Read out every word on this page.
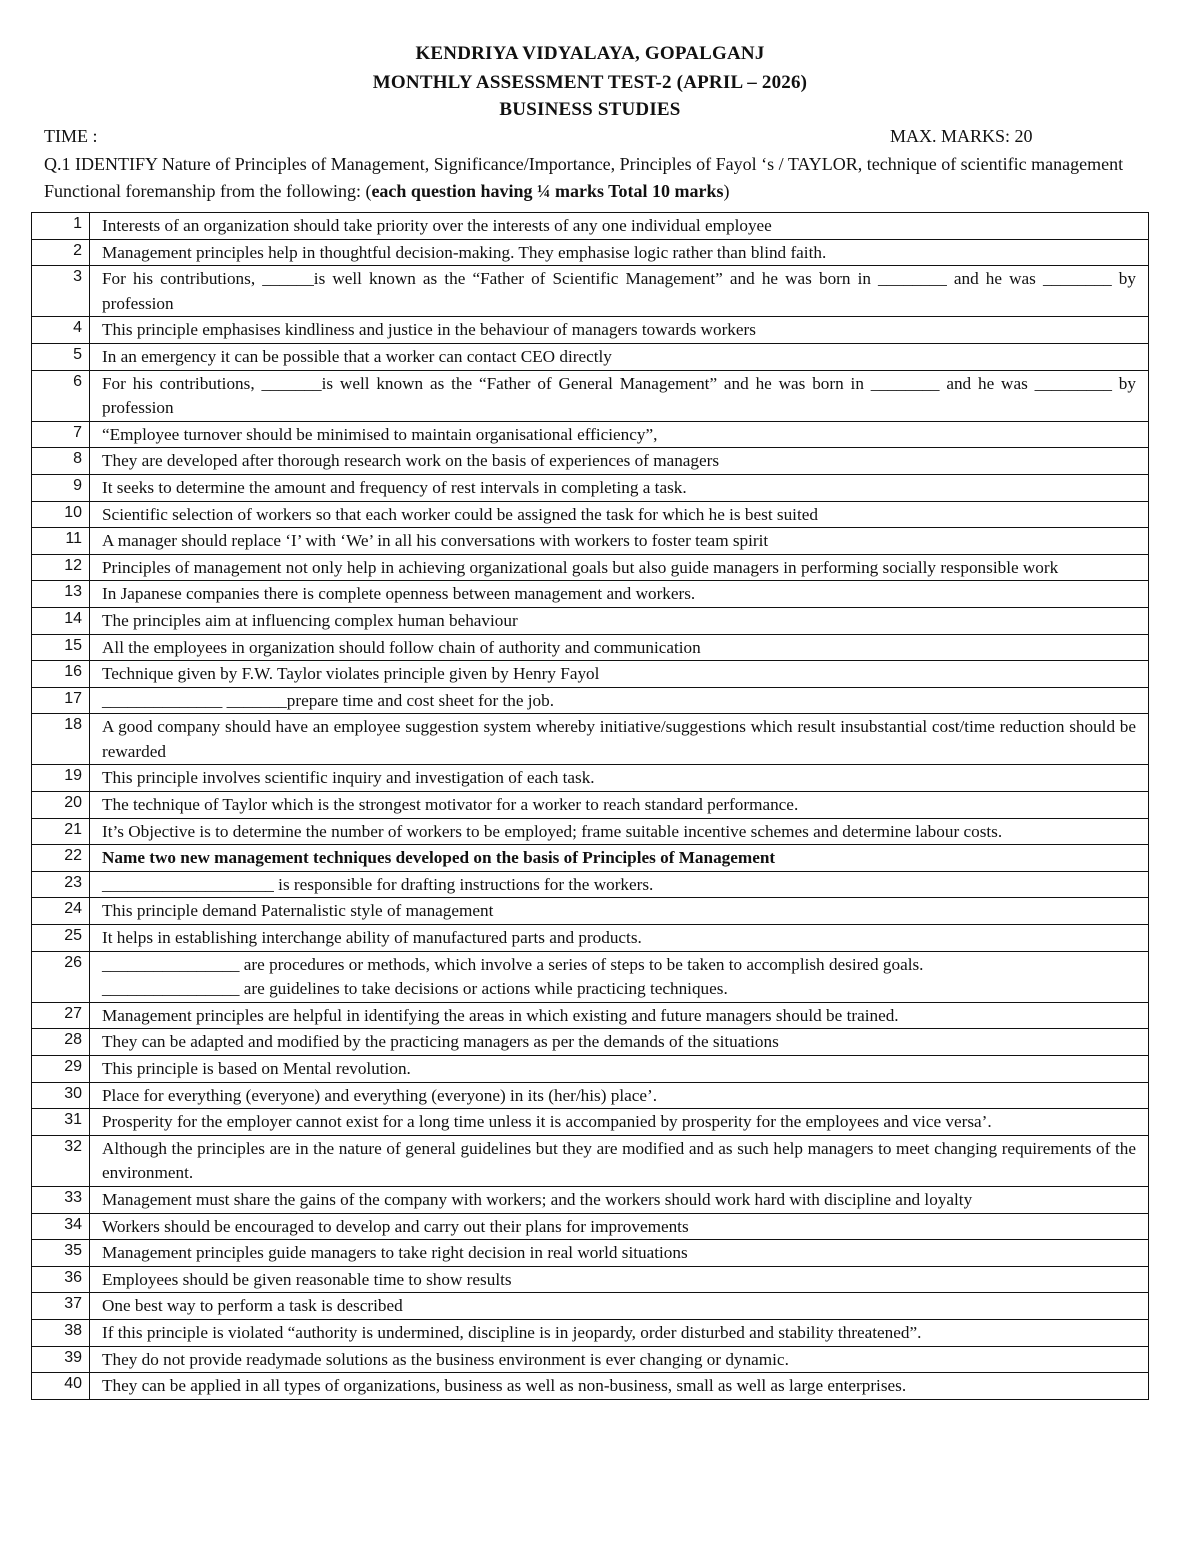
KENDRIYA VIDYALAYA, GOPALGANJ
MONTHLY ASSESSMENT TEST-2 (APRIL – 2026)
BUSINESS STUDIES
TIME :	MAX. MARKS: 20
Q.1 IDENTIFY Nature of Principles of Management, Significance/Importance, Principles of Fayol ‘s / TAYLOR, technique of scientific management Functional foremanship from the following: (each question having ¼ marks Total 10 marks)
1	Interests of an organization should take priority over the interests of any one individual employee
2	Management principles help in thoughtful decision-making. They emphasise logic rather than blind faith.
3	For his contributions, ______is well known as the “Father of Scientific Management” and he was born in ________ and he was ________ by profession
4	This principle emphasises kindliness and justice in the behaviour of managers towards workers
5	In an emergency it can be possible that a worker can contact CEO directly
6	For his contributions, _______is well known as the “Father of General Management” and he was born in ________ and he was _________ by profession
7	“Employee turnover should be minimised to maintain organisational efficiency”,
8	They are developed after thorough research work on the basis of experiences of managers
9	It seeks to determine the amount and frequency of rest intervals in completing a task.
10	Scientific selection of workers so that each worker could be assigned the task for which he is best suited
11	A manager should replace ‘I’ with ‘We’ in all his conversations with workers to foster team spirit
12	Principles of management not only help in achieving organizational goals but also guide managers in performing socially responsible work
13	In Japanese companies there is complete openness between management and workers.
14	The principles aim at influencing complex human behaviour
15	All the employees in organization should follow chain of authority and communication
16	Technique given by F.W. Taylor violates principle given by Henry Fayol
17	______________ _______prepare time and cost sheet for the job.
18	A good company should have an employee suggestion system whereby initiative/suggestions which result insubstantial cost/time reduction should be rewarded
19	This principle involves scientific inquiry and investigation of each task.
20	The technique of Taylor which is the strongest motivator for a worker to reach standard performance.
21	It’s Objective is to determine the number of workers to be employed; frame suitable incentive schemes and determine labour costs.
22	Name two new management techniques developed on the basis of Principles of Management
23	____________________ is responsible for drafting instructions for the workers.
24	This principle demand Paternalistic style of management
25	It helps in establishing interchange ability of manufactured parts and products.
26	________________ are procedures or methods, which involve a series of steps to be taken to accomplish desired goals.
________________ are guidelines to take decisions or actions while practicing techniques.

27	Management principles are helpful in identifying the areas in which existing and future managers should be trained.
28	They can be adapted and modified by the practicing managers as per the demands of the situations
29	This principle is based on Mental revolution.
30	Place for everything (everyone) and everything (everyone) in its (her/his) place’.
31	Prosperity for the employer cannot exist for a long time unless it is accompanied by prosperity for the employees and vice versa’.
32	Although the principles are in the nature of general guidelines but they are modified and as such help managers to meet changing requirements of the environment.
33	Management must share the gains of the company with workers; and the workers should work hard with discipline and loyalty
34	Workers should be encouraged to develop and carry out their plans for improvements
35	Management principles guide managers to take right decision in real world situations
36	Employees should be given reasonable time to show results
37	One best way to perform a task is described
38	If this principle is violated “authority is undermined, discipline is in jeopardy, order disturbed and stability threatened”.
39	They do not provide readymade solutions as the business environment is ever changing or dynamic.
40	They can be applied in all types of organizations, business as well as non-business, small as well as large enterprises.
